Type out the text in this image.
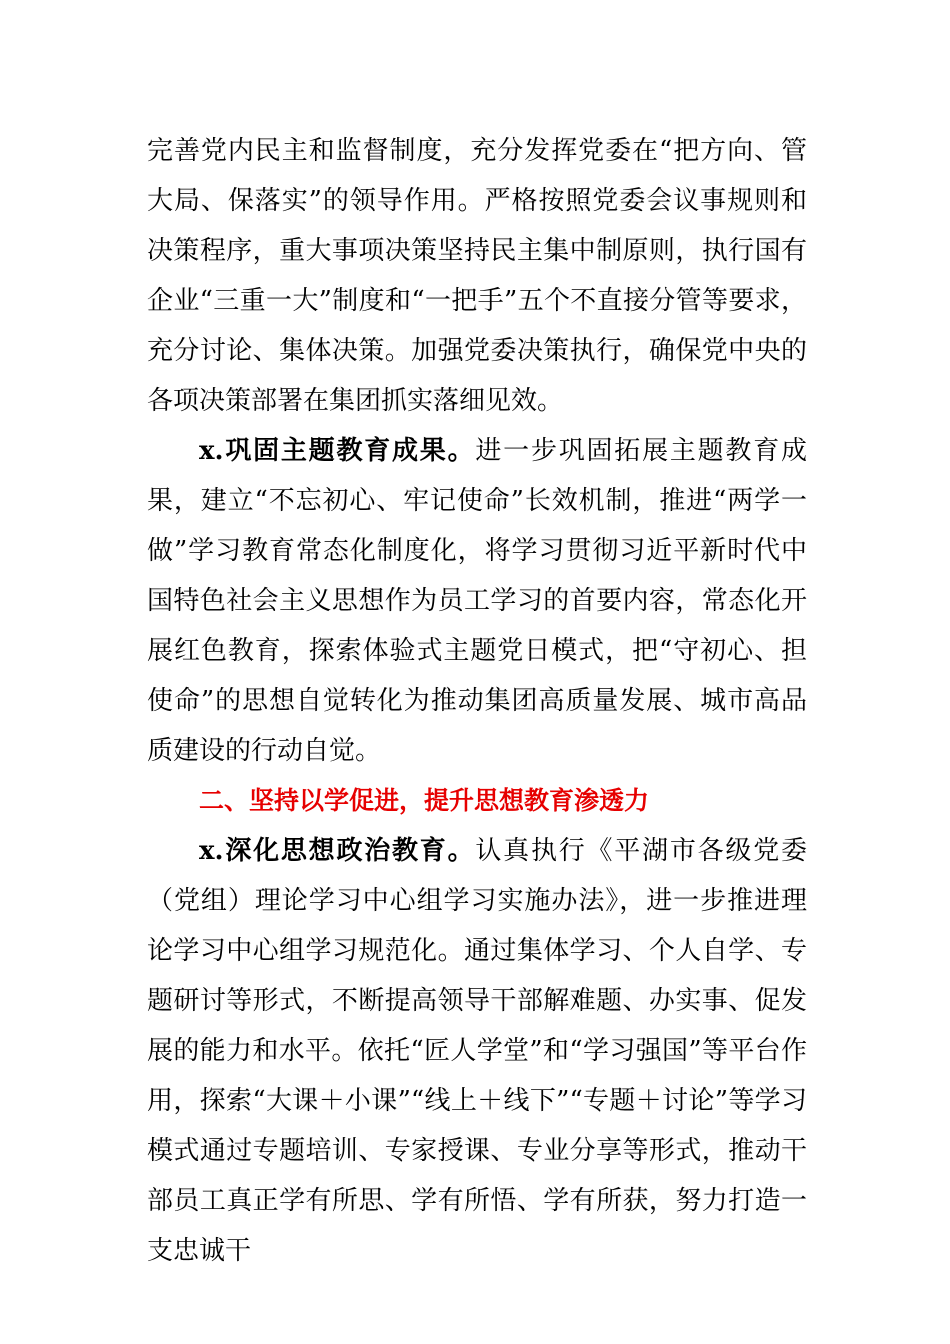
完善党内民主和监督制度，充分发挥党委在“把方向、管大局、保落实”的领导作用。严格按照党委会议事规则和决策程序，重大事项决策坚持民主集中制原则，执行国有企业“三重一大”制度和“一把手”五个不直接分管等要求，充分讨论、集体决策。加强党委决策执行，确保党中央的各项决策部署在集团抓实落细见效。

x.巩固主题教育成果。进一步巩固拓展主题教育成果，建立“不忘初心、牢记使命”长效机制，推进“两学一做”学习教育常态化制度化，将学习贯彻习近平新时代中国特色社会主义思想作为员工学习的首要内容，常态化开展红色教育，探索体验式主题党日模式，把“守初心、担使命”的思想自觉转化为推动集团高质量发展、城市高品质建设的行动自觉。

二、坚持以学促进，提升思想教育渗透力

x.深化思想政治教育。认真执行《平湖市各级党委（党组）理论学习中心组学习实施办法》，进一步推进理论学习中心组学习规范化。通过集体学习、个人自学、专题研讨等形式，不断提高领导干部解难题、办实事、促发展的能力和水平。依托“匠人学堂”和“学习强国”等平台作用，探索“大课＋小课”“线上＋线下”“专题＋讨论”等学习模式通过专题培训、专家授课、专业分享等形式，推动干部员工真正学有所思、学有所悟、学有所获，努力打造一支忠诚干
